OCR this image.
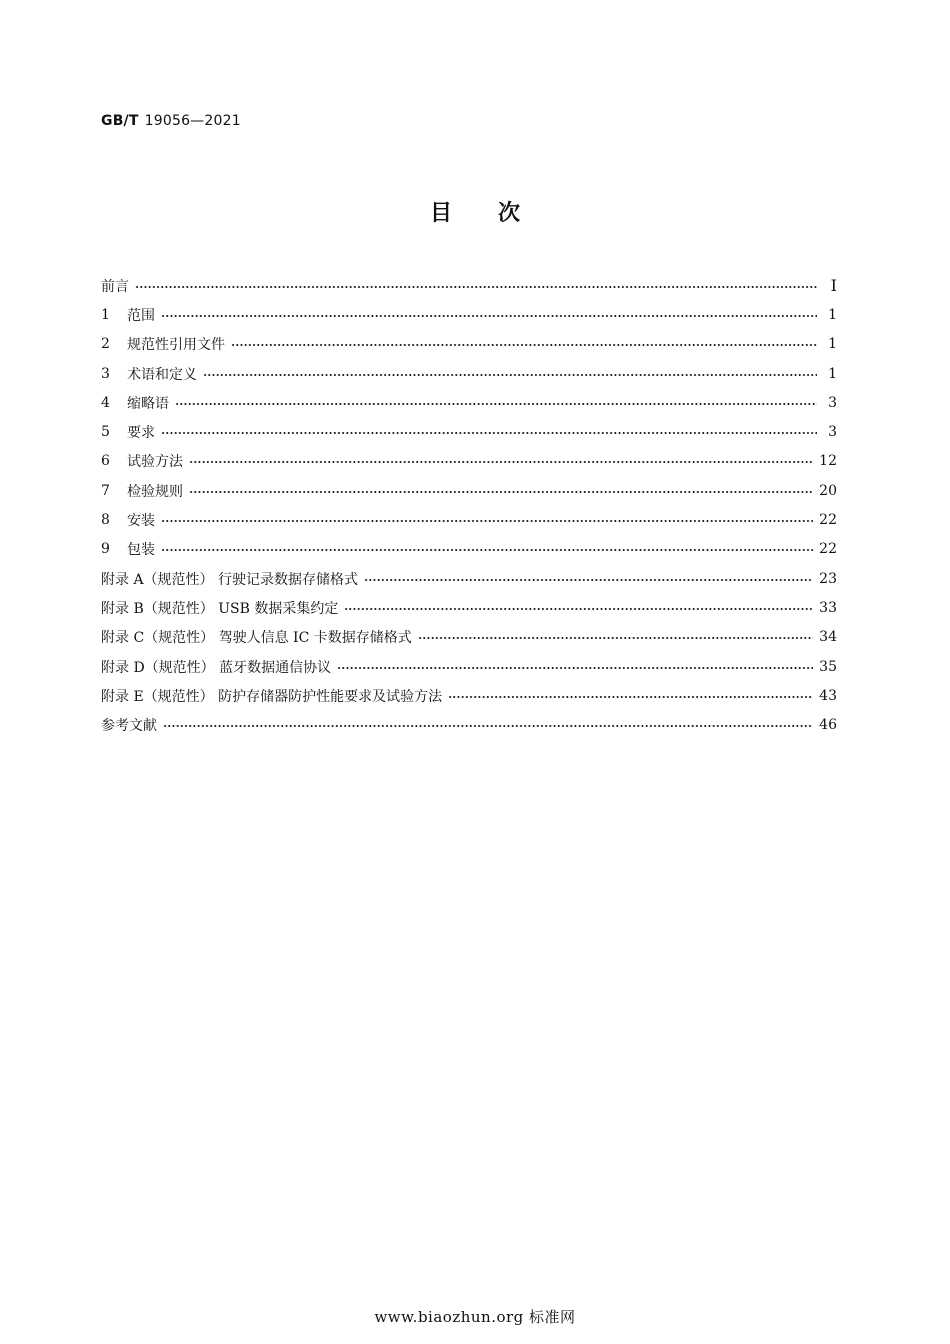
GB/T 19056—2021
目次
前言	Ⅰ
1	范围	1
2	规范性引用文件	1
3	术语和定义	1
4	缩略语	3
5	要求	3
6	试验方法	12
7	检验规则	20
8	安装	22
9	包装	22
附录 A（规范性） 行驶记录数据存储格式	23
附录 B（规范性） USB 数据采集约定	33
附录 C（规范性） 驾驶人信息 IC 卡数据存储格式	34
附录 D（规范性） 蓝牙数据通信协议	35
附录 E（规范性） 防护存储器防护性能要求及试验方法	43
参考文献	46
www.biaozhun.org 标准网
